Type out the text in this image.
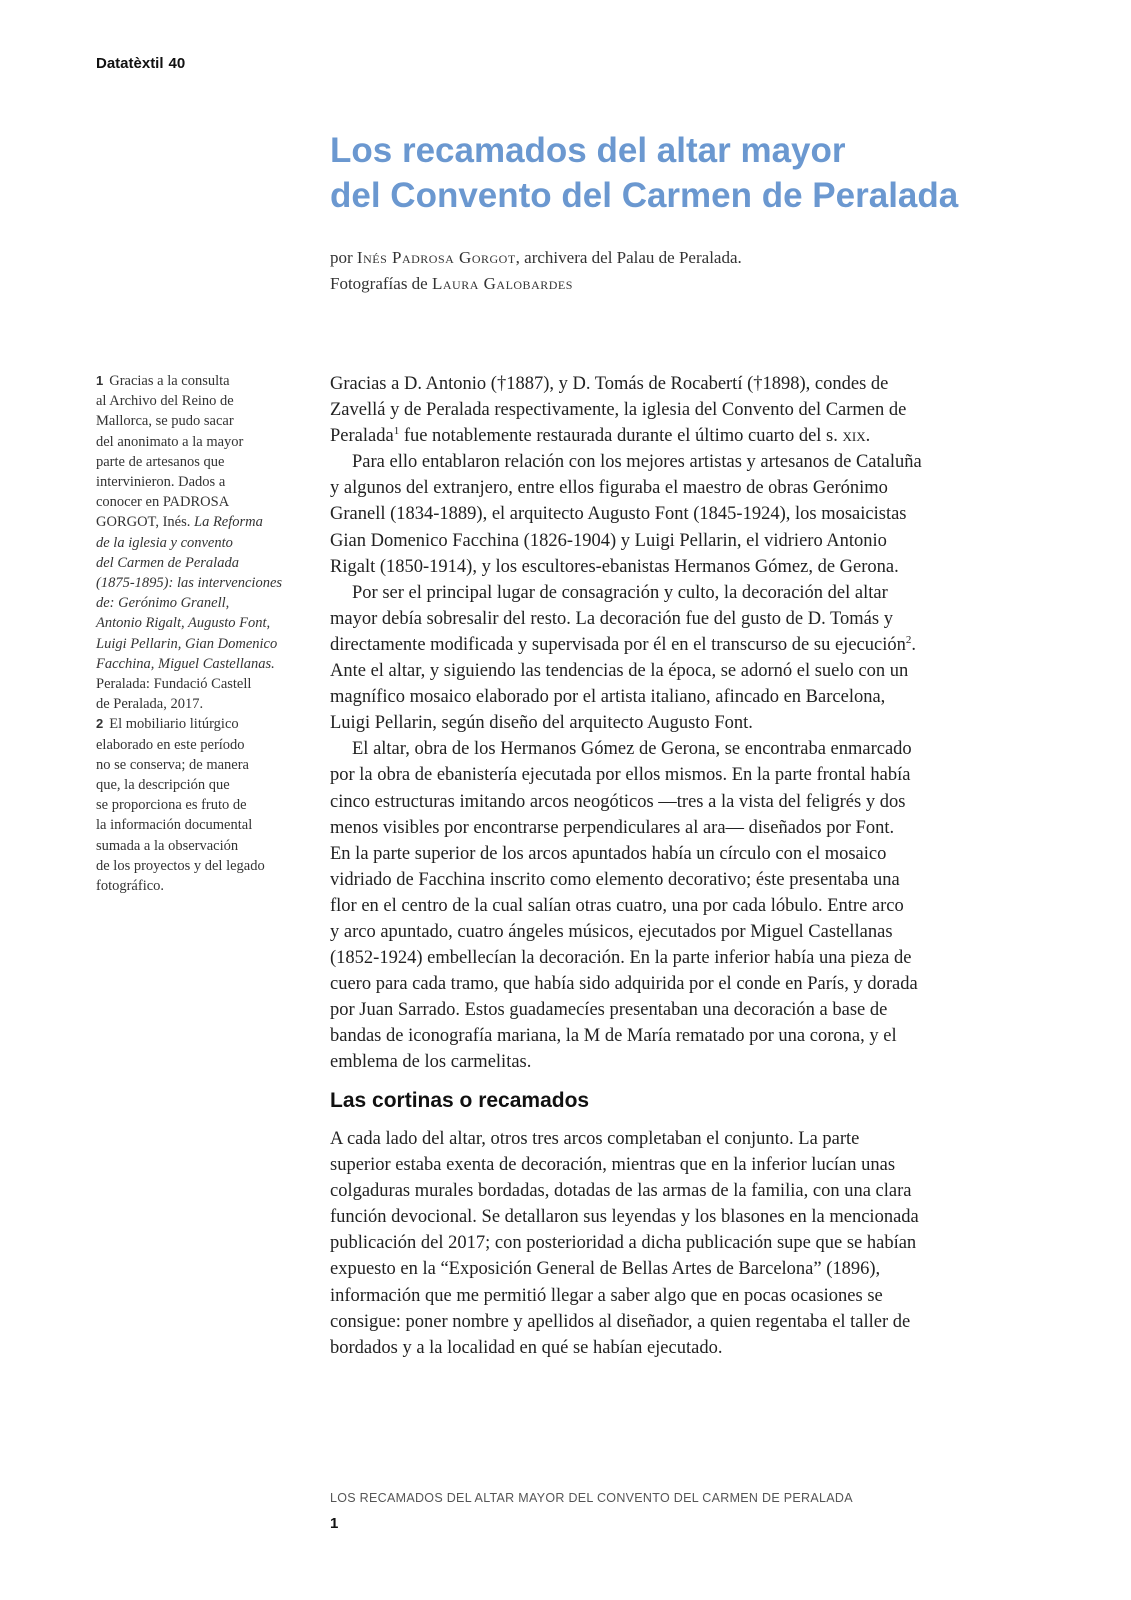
Datatèxtil 40
Los recamados del altar mayor
del Convento del Carmen de Peralada
por Inés Padrosa Gorgot, archivera del Palau de Peralada.
Fotografías de Laura Galobardes
1 Gracias a la consulta
al Archivo del Reino de
Mallorca, se pudo sacar
del anonimato a la mayor
parte de artesanos que
intervinieron. Dados a
conocer en PADROSA
GORGOT, Inés. La Reforma
de la iglesia y convento
del Carmen de Peralada
(1875-1895): las intervenciones
de: Gerónimo Granell,
Antonio Rigalt, Augusto Font,
Luigi Pellarin, Gian Domenico
Facchina, Miguel Castellanas.
Peralada: Fundació Castell
de Peralada, 2017.
2 El mobiliario litúrgico
elaborado en este período
no se conserva; de manera
que, la descripción que
se proporciona es fruto de
la información documental
sumada a la observación
de los proyectos y del legado
fotográfico.

Gracias a D. Antonio (†1887), y D. Tomás de Rocabertí (†1898), condes de
Zavellá y de Peralada respectivamente, la iglesia del Convento del Carmen de
Peralada$^1$ fue notablemente restaurada durante el último cuarto del s. xix.

Para ello entablaron relación con los mejores artistas y artesanos de Cataluña
y algunos del extranjero, entre ellos figuraba el maestro de obras Gerónimo
Granell (1834-1889), el arquitecto Augusto Font (1845-1924), los mosaicistas
Gian Domenico Facchina (1826-1904) y Luigi Pellarin, el vidriero Antonio
Rigalt (1850-1914), y los escultores-ebanistas Hermanos Gómez, de Gerona.

Por ser el principal lugar de consagración y culto, la decoración del altar
mayor debía sobresalir del resto. La decoración fue del gusto de D. Tomás y
directamente modificada y supervisada por él en el transcurso de su ejecución$^2$.
Ante el altar, y siguiendo las tendencias de la época, se adornó el suelo con un
magnífico mosaico elaborado por el artista italiano, afincado en Barcelona,
Luigi Pellarin, según diseño del arquitecto Augusto Font.

El altar, obra de los Hermanos Gómez de Gerona, se encontraba enmarcado
por la obra de ebanistería ejecutada por ellos mismos. En la parte frontal había
cinco estructuras imitando arcos neogóticos —tres a la vista del feligrés y dos
menos visibles por encontrarse perpendiculares al ara— diseñados por Font.
En la parte superior de los arcos apuntados había un círculo con el mosaico
vidriado de Facchina inscrito como elemento decorativo; éste presentaba una
flor en el centro de la cual salían otras cuatro, una por cada lóbulo. Entre arco
y arco apuntado, cuatro ángeles músicos, ejecutados por Miguel Castellanas
(1852-1924) embellecían la decoración. En la parte inferior había una pieza de
cuero para cada tramo, que había sido adquirida por el conde en París, y dorada
por Juan Sarrado. Estos guadamecíes presentaban una decoración a base de
bandas de iconografía mariana, la M de María rematado por una corona, y el
emblema de los carmelitas.

Las cortinas o recamados

A cada lado del altar, otros tres arcos completaban el conjunto. La parte
superior estaba exenta de decoración, mientras que en la inferior lucían unas
colgaduras murales bordadas, dotadas de las armas de la familia, con una clara
función devocional. Se detallaron sus leyendas y los blasones en la mencionada
publicación del 2017; con posterioridad a dicha publicación supe que se habían
expuesto en la “Exposición General de Bellas Artes de Barcelona” (1896),
información que me permitió llegar a saber algo que en pocas ocasiones se
consigue: poner nombre y apellidos al diseñador, a quien regentaba el taller de
bordados y a la localidad en qué se habían ejecutado.

LOS RECAMADOS DEL ALTAR MAYOR DEL CONVENTO DEL CARMEN DE PERALADA
1
